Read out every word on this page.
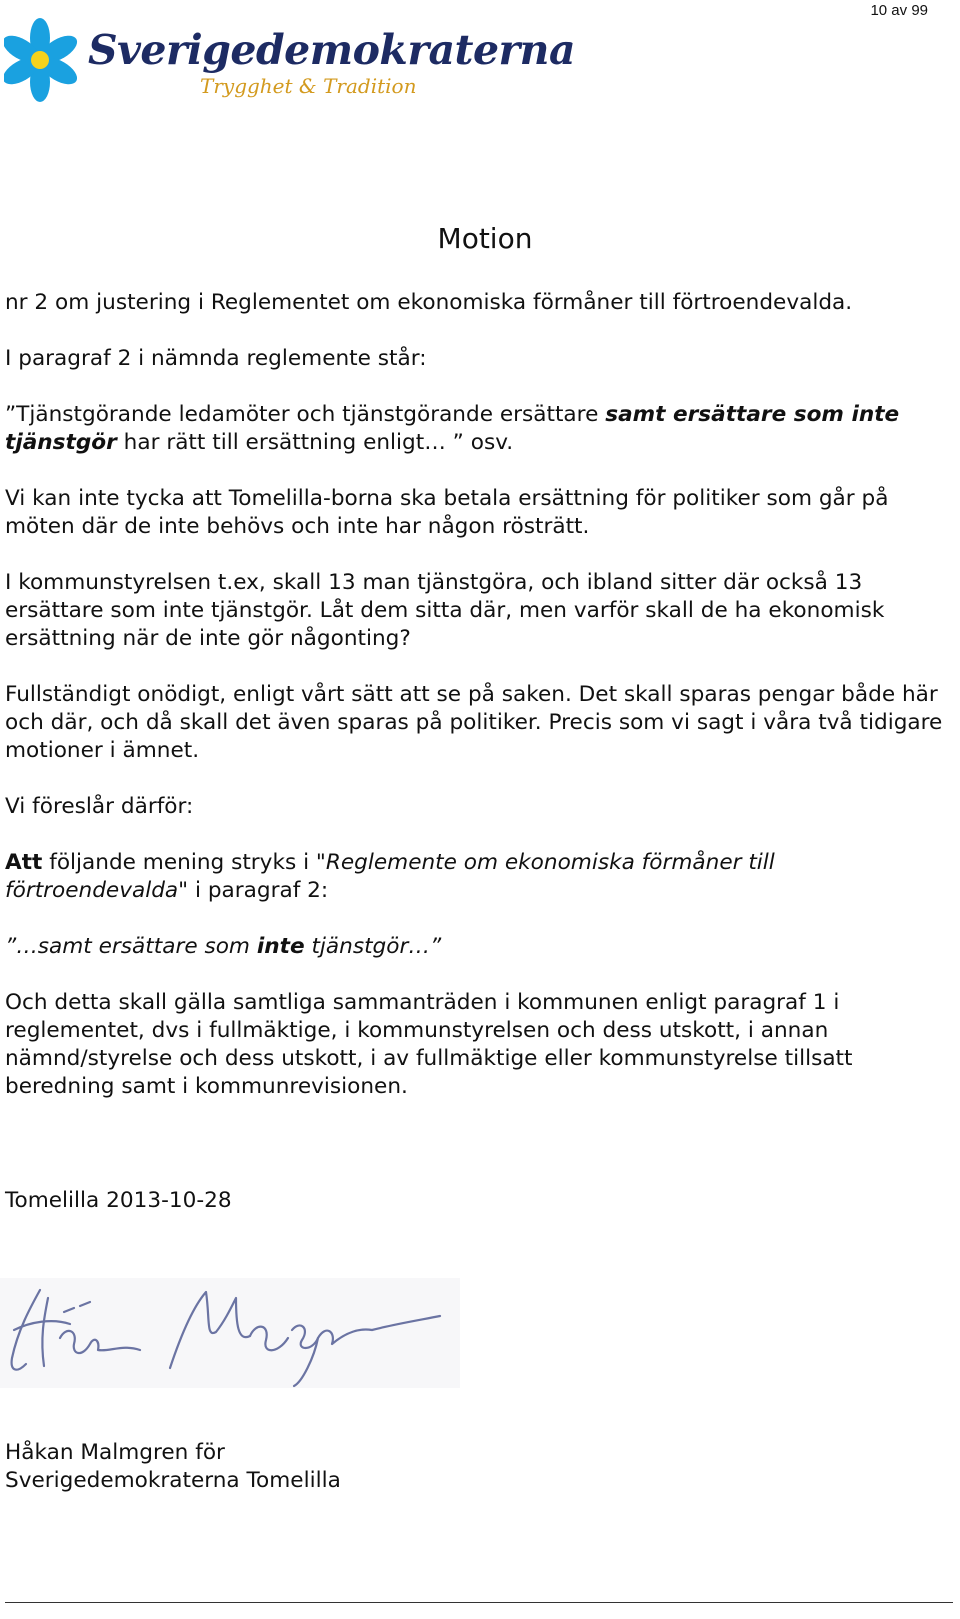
10 av 99
Sverigedemokraterna
Trygghet & Tradition
Motion

nr 2 om justering i Reglementet om ekonomiska förmåner till förtroendevalda.

I paragraf 2 i nämnda reglemente står:

”Tjänstgörande ledamöter och tjänstgörande ersättare samt ersättare som inte tjänstgör har rätt till ersättning enligt… ” osv.

Vi kan inte tycka att Tomelilla-borna ska betala ersättning för politiker som går på möten där de inte behövs och inte har någon rösträtt.

I kommunstyrelsen t.ex, skall 13 man tjänstgöra, och ibland sitter där också 13 ersättare som inte tjänstgör. Låt dem sitta där, men varför skall de ha ekonomisk ersättning när de inte gör någonting?

Fullständigt onödigt, enligt vårt sätt att se på saken. Det skall sparas pengar både här och där, och då skall det även sparas på politiker. Precis som vi sagt i våra två tidigare motioner i ämnet.

Vi föreslår därför:

Att följande mening stryks i "Reglemente om ekonomiska förmåner till förtroendevalda" i paragraf 2:

”…samt ersättare som inte tjänstgör…”

Och detta skall gälla samtliga sammanträden i kommunen enligt paragraf 1 i reglementet, dvs i fullmäktige, i kommunstyrelsen och dess utskott, i annan nämnd/styrelse och dess utskott, i av fullmäktige eller kommunstyrelse tillsatt beredning samt i kommunrevisionen.

Tomelilla 2013-10-28
Håkan Malmgren för
Sverigedemokraterna Tomelilla
